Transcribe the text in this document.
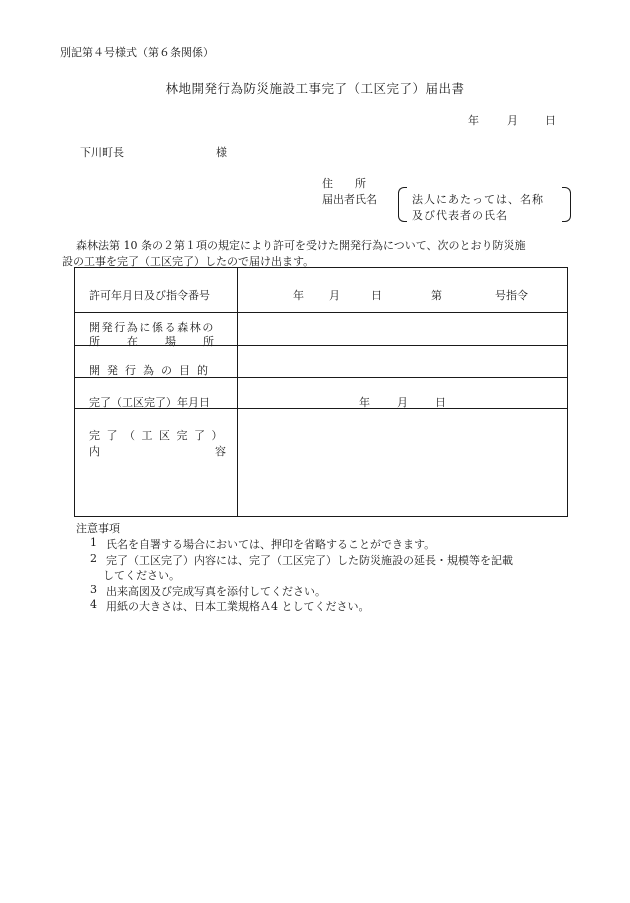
別記第４号様式（第６条関係）
林地開発行為防災施設工事完了（工区完了）届出書
年	月 日
下川町長	様
住所
届出者氏名	法人にあたっては、名称
及び代表者の氏名
森林法第 10 条の２第１項の規定により許可を受けた開発行為について、次のとおり防災施
設の工事を完了（工区完了）したので届け出ます。
許可年月日及び指令番号	年 月	日	第	号指令
開発行為に係る森林の
所在場所
開発行為の目的
完了（工区完了）年月日	年 月 日
完了（工区完了）
内	容
注意事項
1 氏名を自署する場合においては、押印を省略することができます。
2 完了（工区完了）内容には、完了（工区完了）した防災施設の延長・規模等を記載
してください。
3 出来高図及び完成写真を添付してください。
4 用紙の大きさは、日本工業規格Ａ4 としてください。
